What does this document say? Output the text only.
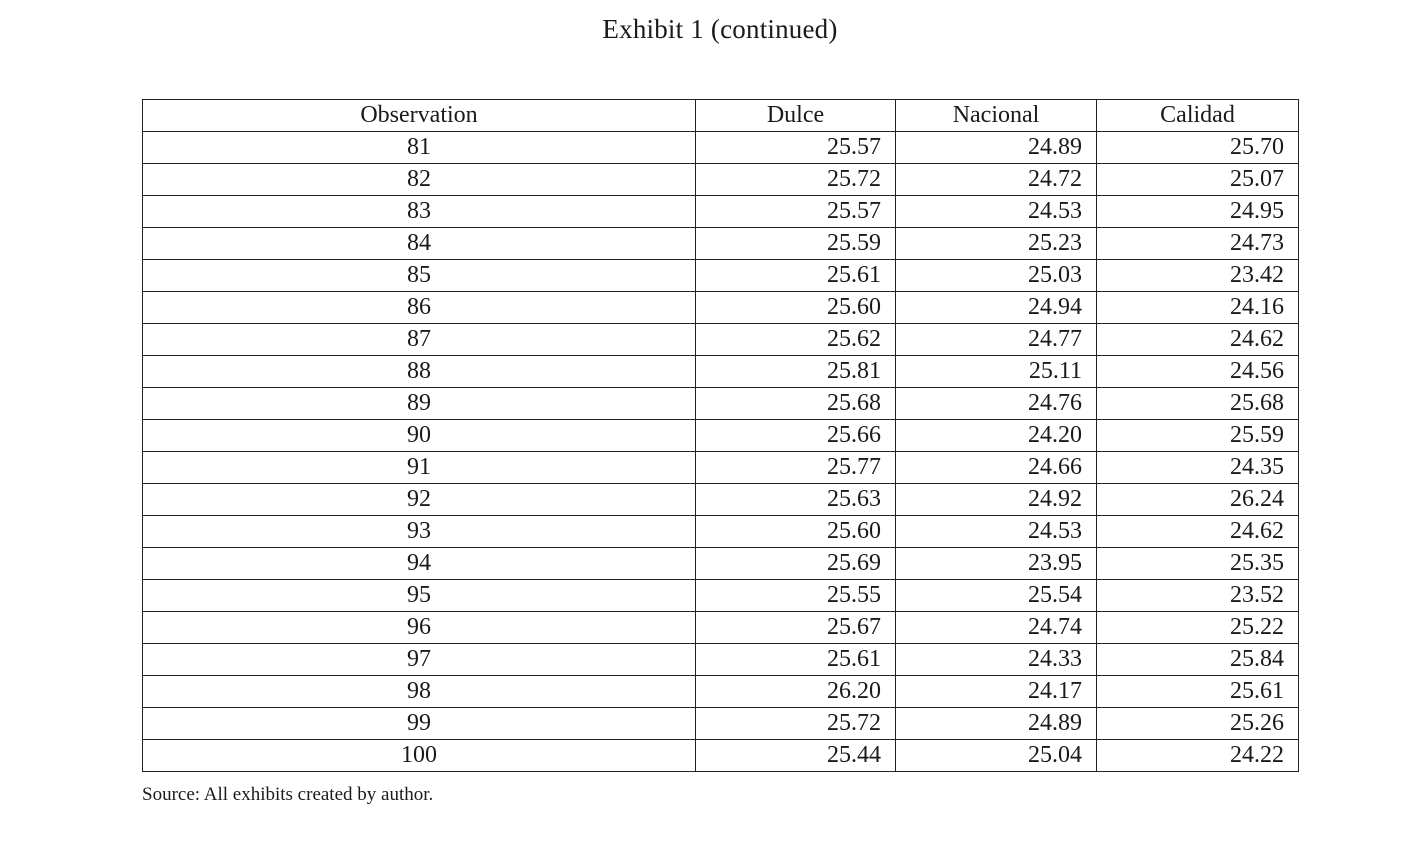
Exhibit 1 (continued)
Observation	Dulce	Nacional	Calidad
81	25.57	24.89	25.70
82	25.72	24.72	25.07
83	25.57	24.53	24.95
84	25.59	25.23	24.73
85	25.61	25.03	23.42
86	25.60	24.94	24.16
87	25.62	24.77	24.62
88	25.81	25.11	24.56
89	25.68	24.76	25.68
90	25.66	24.20	25.59
91	25.77	24.66	24.35
92	25.63	24.92	26.24
93	25.60	24.53	24.62
94	25.69	23.95	25.35
95	25.55	25.54	23.52
96	25.67	24.74	25.22
97	25.61	24.33	25.84
98	26.20	24.17	25.61
99	25.72	24.89	25.26
100	25.44	25.04	24.22
Source: All exhibits created by author.
